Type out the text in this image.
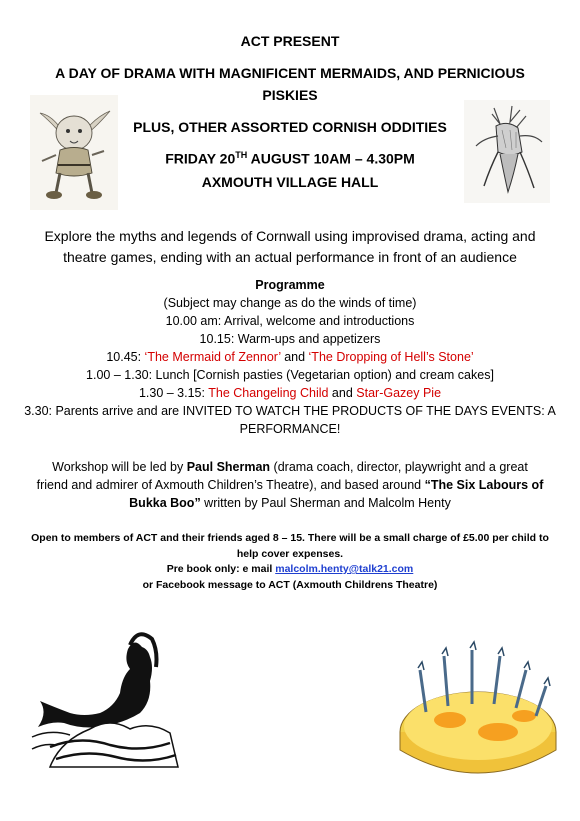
ACT PRESENT
A DAY OF DRAMA WITH MAGNIFICENT MERMAIDS, AND PERNICIOUS
PISKIES
PLUS, OTHER ASSORTED CORNISH ODDITIES
FRIDAY 20TH AUGUST 10AM – 4.30PM
AXMOUTH VILLAGE HALL
Explore the myths and legends of Cornwall using improvised drama, acting and
theatre games, ending with an actual performance in front of an audience
Programme
(Subject may change as do the winds of time)
10.00 am: Arrival, welcome and introductions
10.15: Warm-ups and appetizers
10.45: ‘The Mermaid of Zennor’ and ‘The Dropping of Hell’s Stone’
1.00 – 1.30: Lunch [Cornish pasties (Vegetarian option) and cream cakes]
1.30 – 3.15: The Changeling Child and Star-Gazey Pie
3.30: Parents arrive and are INVITED TO WATCH THE PRODUCTS OF THE DAYS EVENTS: A
PERFORMANCE!
Workshop will be led by Paul Sherman (drama coach, director, playwright and a great
friend and admirer of Axmouth Children’s Theatre), and based around “The Six Labours of
Bukka Boo” written by Paul Sherman and Malcolm Henty
Open to members of ACT and their friends aged 8 – 15. There will be a small charge of £5.00 per child to
help cover expenses.
Pre book only: e mail malcolm.henty@talk21.com
or Facebook message to ACT (Axmouth Childrens Theatre)
